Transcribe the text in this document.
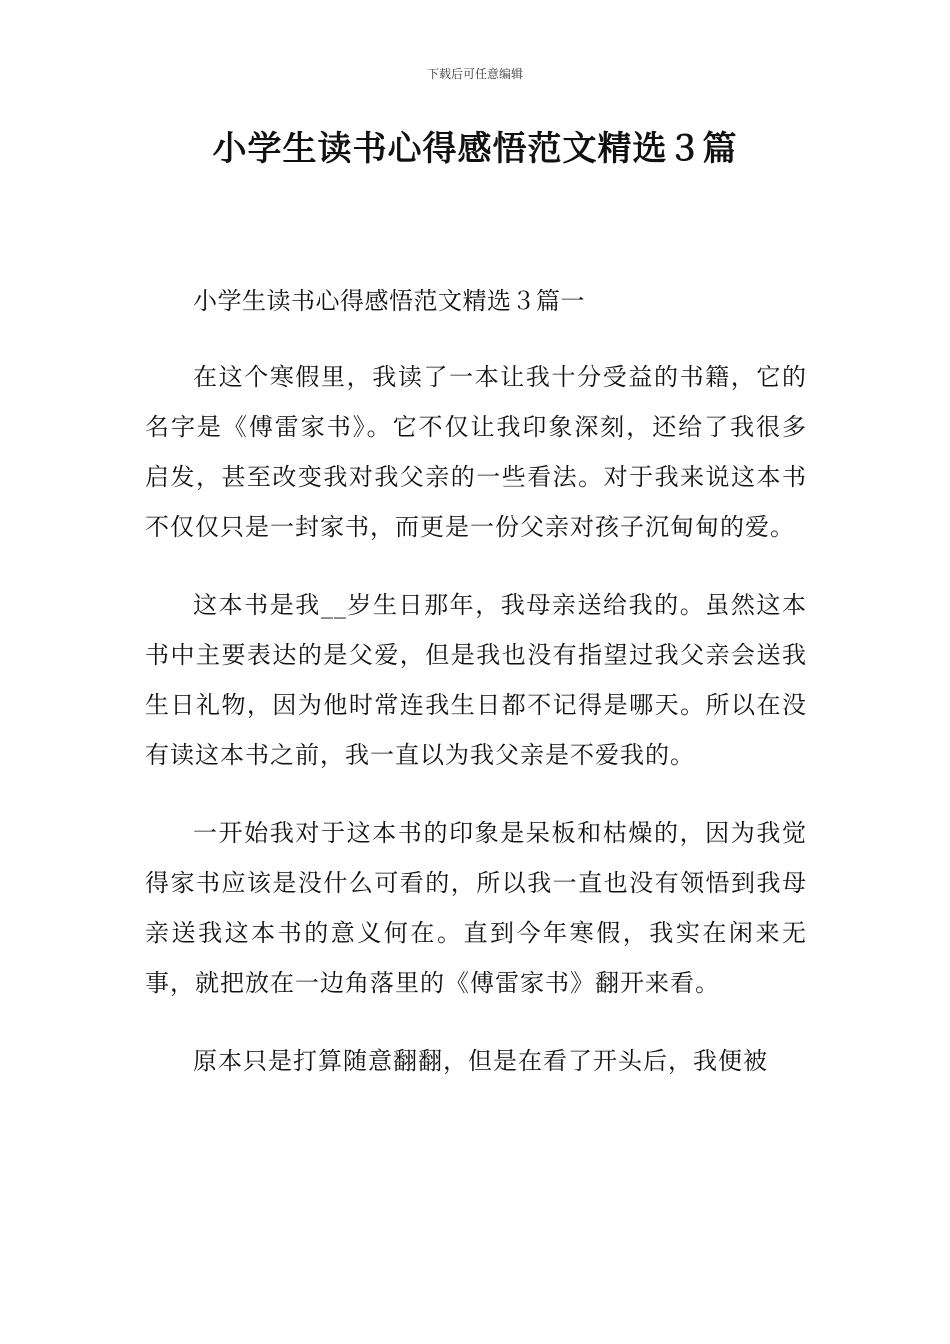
下载后可任意编辑
小学生读书心得感悟范文精选３篇

小学生读书心得感悟范文精选３篇一

在这个寒假里，我读了一本让我十分受益的书籍，它的名字是《傅雷家书》。它不仅让我印象深刻，还给了我很多启发，甚至改变我对我父亲的一些看法。对于我来说这本书不仅仅只是一封家书，而更是一份父亲对孩子沉甸甸的爱。

这本书是我__岁生日那年，我母亲送给我的。虽然这本书中主要表达的是父爱，但是我也没有指望过我父亲会送我生日礼物，因为他时常连我生日都不记得是哪天。所以在没有读这本书之前，我一直以为我父亲是不爱我的。

一开始我对于这本书的印象是呆板和枯燥的，因为我觉得家书应该是没什么可看的，所以我一直也没有领悟到我母亲送我这本书的意义何在。直到今年寒假，我实在闲来无事，就把放在一边角落里的《傅雷家书》翻开来看。

原本只是打算随意翻翻，但是在看了开头后，我便被
